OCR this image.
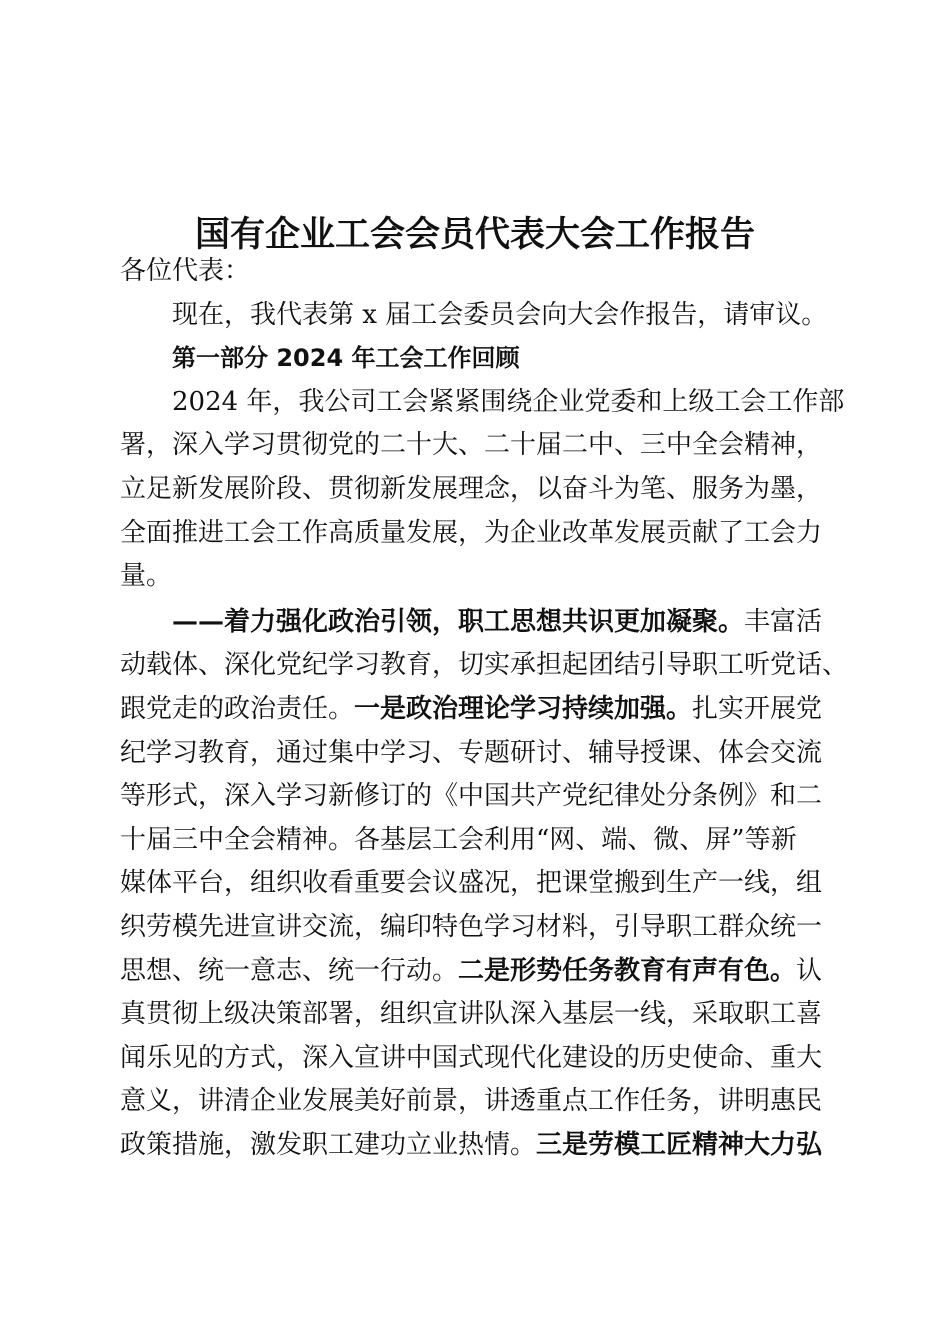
国有企业工会会员代表大会工作报告
各位代表：
现在，我代表第 x 届工会委员会向大会作报告，请审议。
第一部分 2024 年工会工作回顾
2024 年，我公司工会紧紧围绕企业党委和上级工会工作部
署，深入学习贯彻党的二十大、二十届二中、三中全会精神，
立足新发展阶段、贯彻新发展理念，以奋斗为笔、服务为墨，
全面推进工会工作高质量发展，为企业改革发展贡献了工会力
量。
——着力强化政治引领，职工思想共识更加凝聚。丰富活
动载体、深化党纪学习教育，切实承担起团结引导职工听党话、
跟党走的政治责任。一是政治理论学习持续加强。扎实开展党
纪学习教育，通过集中学习、专题研讨、辅导授课、体会交流
等形式，深入学习新修订的《中国共产党纪律处分条例》和二
十届三中全会精神。各基层工会利用“网、端、微、屏”等新
媒体平台，组织收看重要会议盛况，把课堂搬到生产一线，组
织劳模先进宣讲交流，编印特色学习材料，引导职工群众统一
思想、统一意志、统一行动。二是形势任务教育有声有色。认
真贯彻上级决策部署，组织宣讲队深入基层一线，采取职工喜
闻乐见的方式，深入宣讲中国式现代化建设的历史使命、重大
意义，讲清企业发展美好前景，讲透重点工作任务，讲明惠民
政策措施，激发职工建功立业热情。三是劳模工匠精神大力弘
